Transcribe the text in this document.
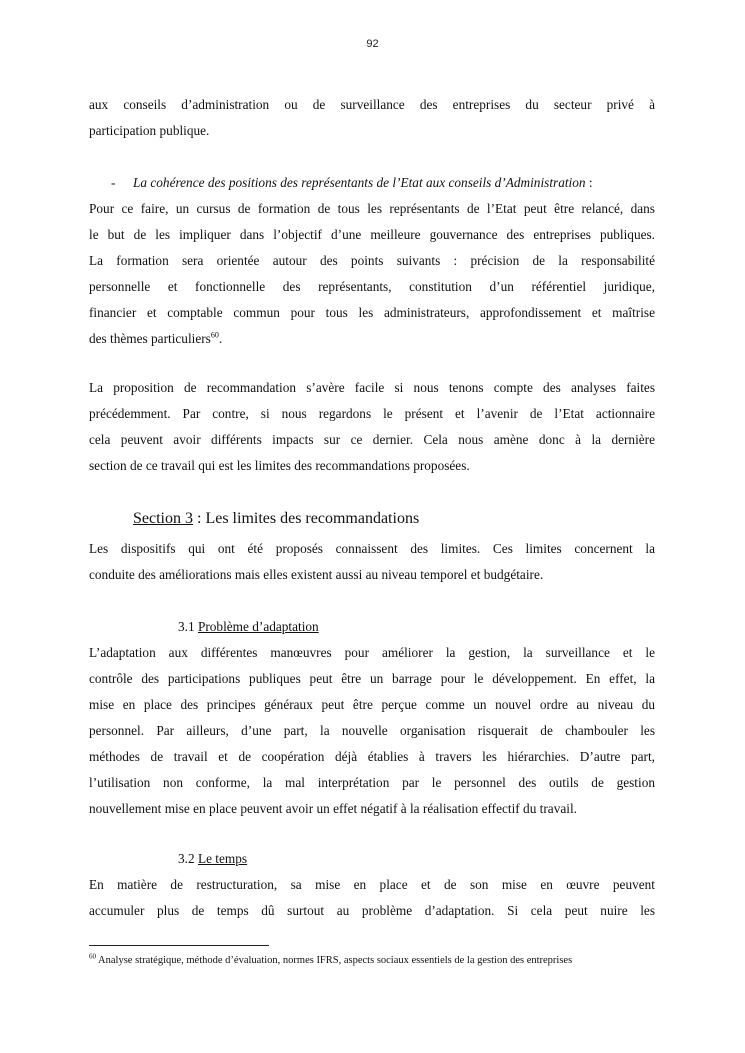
92
aux conseils d’administration ou de surveillance des entreprises du secteur privé à
participation publique.
- La cohérence des positions des représentants de l’Etat aux conseils d’Administration :
Pour ce faire, un cursus de formation de tous les représentants de l’Etat peut être relancé, dans
le but de les impliquer dans l’objectif d’une meilleure gouvernance des entreprises publiques.
La formation sera orientée autour des points suivants : précision de la responsabilité
personnelle et fonctionnelle des représentants, constitution d’un référentiel juridique,
financier et comptable commun pour tous les administrateurs, approfondissement et maîtrise
des thèmes particuliers$^{60}$.
La proposition de recommandation s’avère facile si nous tenons compte des analyses faites
précédemment. Par contre, si nous regardons le présent et l’avenir de l’Etat actionnaire
cela peuvent avoir différents impacts sur ce dernier. Cela nous amène donc à la dernière
section de ce travail qui est les limites des recommandations proposées.
Section 3 : Les limites des recommandations
Les dispositifs qui ont été proposés connaissent des limites. Ces limites concernent la
conduite des améliorations mais elles existent aussi au niveau temporel et budgétaire.
3.1 Problème d’adaptation
L’adaptation aux différentes manœuvres pour améliorer la gestion, la surveillance et le
contrôle des participations publiques peut être un barrage pour le développement. En effet, la
mise en place des principes généraux peut être perçue comme un nouvel ordre au niveau du
personnel. Par ailleurs, d’une part, la nouvelle organisation risquerait de chambouler les
méthodes de travail et de coopération déjà établies à travers les hiérarchies. D’autre part,
l’utilisation non conforme, la mal interprétation par le personnel des outils de gestion
nouvellement mise en place peuvent avoir un effet négatif à la réalisation effectif du travail.
3.2 Le temps
En matière de restructuration, sa mise en place et de son mise en œuvre peuvent
accumuler plus de temps dû surtout au problème d’adaptation. Si cela peut nuire les
$^{60}$ Analyse stratégique, méthode d’évaluation, normes IFRS, aspects sociaux essentiels de la gestion des entreprises
